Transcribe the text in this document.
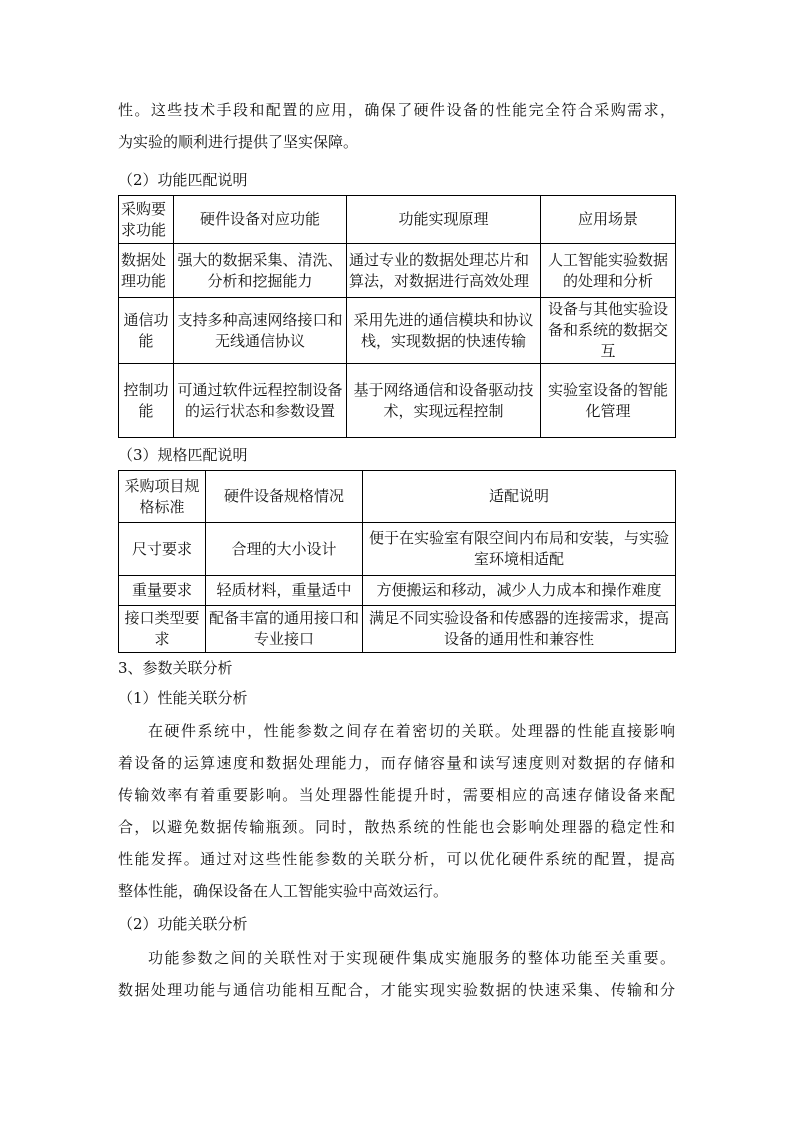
性。这些技术手段和配置的应用，确保了硬件设备的性能完全符合采购需求，
为实验的顺利进行提供了坚实保障。
（2）功能匹配说明
采购要求功能	硬件设备对应功能	功能实现原理	应用场景
数据处理功能	强大的数据采集、清洗、分析和挖掘能力	通过专业的数据处理芯片和算法，对数据进行高效处理	人工智能实验数据的处理和分析
通信功能	支持多种高速网络接口和无线通信协议	采用先进的通信模块和协议栈，实现数据的快速传输	设备与其他实验设备和系统的数据交互
控制功能	可通过软件远程控制设备的运行状态和参数设置	基于网络通信和设备驱动技术，实现远程控制	实验室设备的智能化管理
（3）规格匹配说明
采购项目规格标准	硬件设备规格情况	适配说明
尺寸要求	合理的大小设计	便于在实验室有限空间内布局和安装，与实验室环境相适配
重量要求	轻质材料，重量适中	方便搬运和移动，减少人力成本和操作难度
接口类型要求	配备丰富的通用接口和专业接口	满足不同实验设备和传感器的连接需求，提高设备的通用性和兼容性
3、参数关联分析
（1）性能关联分析
在硬件系统中，性能参数之间存在着密切的关联。处理器的性能直接影响
着设备的运算速度和数据处理能力，而存储容量和读写速度则对数据的存储和
传输效率有着重要影响。当处理器性能提升时，需要相应的高速存储设备来配
合，以避免数据传输瓶颈。同时，散热系统的性能也会影响处理器的稳定性和
性能发挥。通过对这些性能参数的关联分析，可以优化硬件系统的配置，提高
整体性能，确保设备在人工智能实验中高效运行。
（2）功能关联分析
功能参数之间的关联性对于实现硬件集成实施服务的整体功能至关重要。
数据处理功能与通信功能相互配合，才能实现实验数据的快速采集、传输和分
